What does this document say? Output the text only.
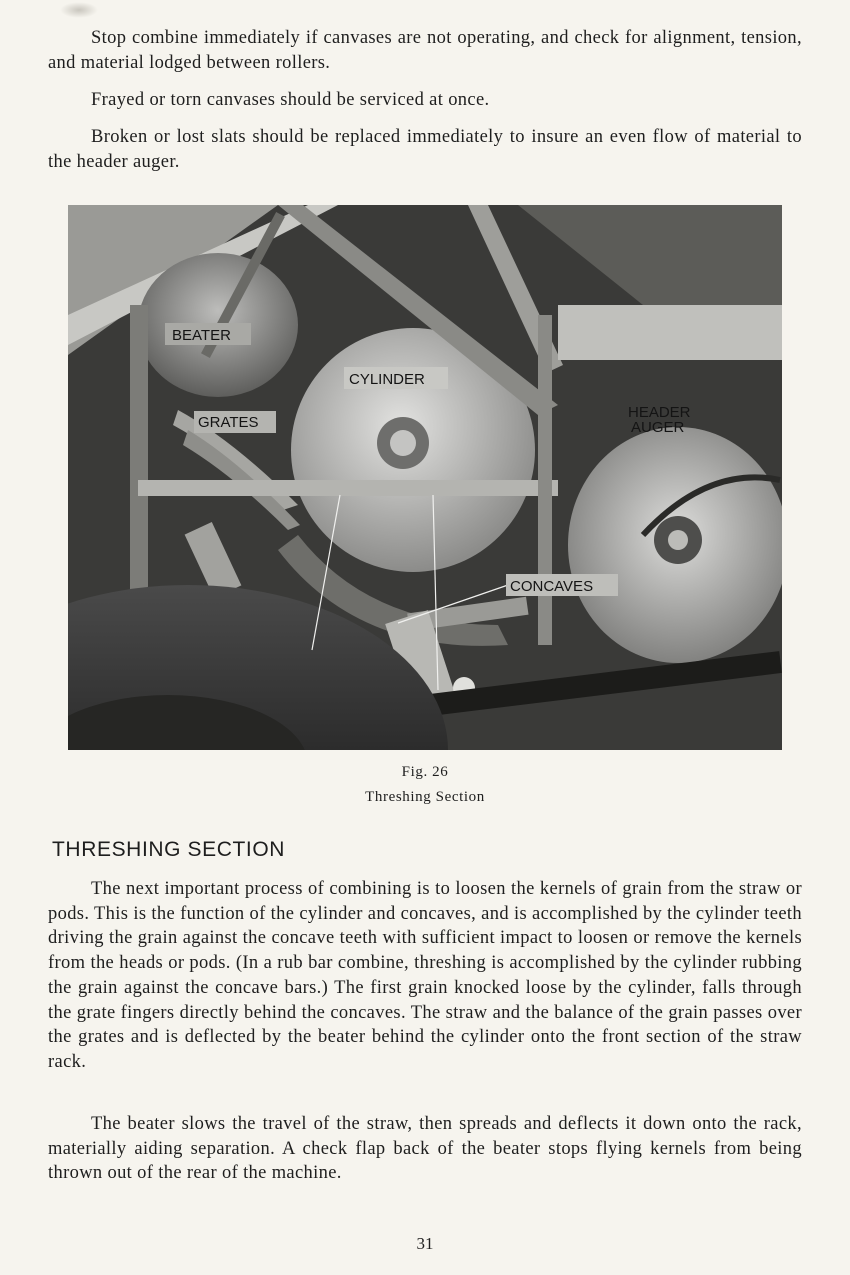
Stop combine immediately if canvases are not operating, and check for alignment, tension, and material lodged between rollers.

Frayed or torn canvases should be serviced at once.

Broken or lost slats should be replaced immediately to insure an even flow of material to the header auger.

BEATER
CYLINDER
GRATES
HEADER
AUGER
CONCAVES
Fig. 26
Threshing Section
THRESHING SECTION

The next important process of combining is to loosen the kernels of grain from the straw or pods. This is the function of the cylinder and concaves, and is accomplished by the cylinder teeth driving the grain against the concave teeth with sufficient impact to loosen or remove the kernels from the heads or pods. (In a rub bar combine, threshing is accomplished by the cylinder rubbing the grain against the concave bars.) The first grain knocked loose by the cylinder, falls through the grate fingers directly behind the concaves. The straw and the balance of the grain passes over the grates and is deflected by the beater behind the cylinder onto the front section of the straw rack.

The beater slows the travel of the straw, then spreads and deflects it down onto the rack, materially aiding separation. A check flap back of the beater stops flying kernels from being thrown out of the rear of the machine.

31
